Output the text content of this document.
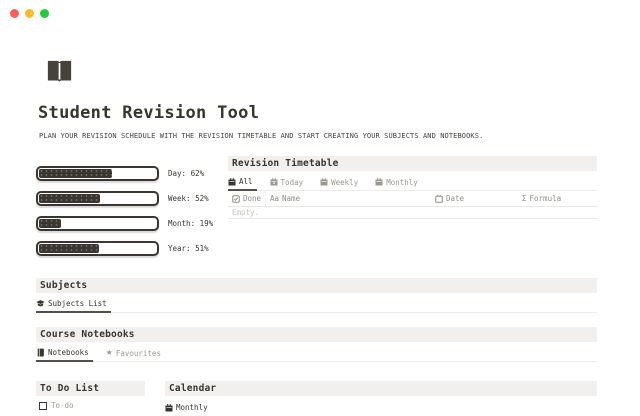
Student Revision Tool
PLAN YOUR REVISION SCHEDULE WITH THE REVISION TIMETABLE AND START CREATING YOUR SUBJECTS AND NOTEBOOKS.
Day: 62%
Week: 52%
Month: 19%
Year: 51%
Revision Timetable
All	Today	Weekly	Monthly
Done Aa Name	Date	Σ Formula
Empty.
Subjects
Subjects List
Course Notebooks
Notebooks ★ Favourites
To Do List
To-do
Calendar
Monthly
